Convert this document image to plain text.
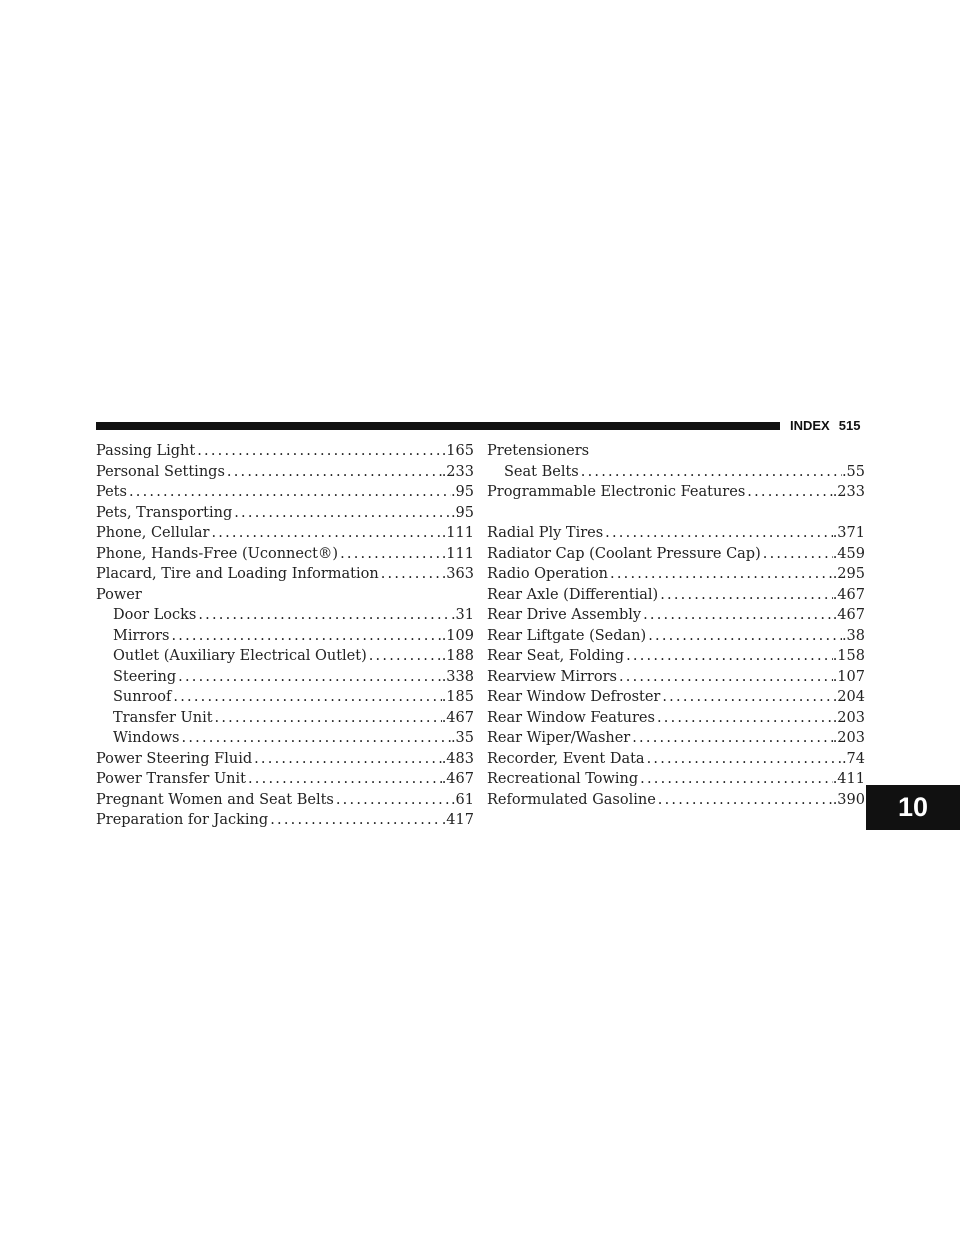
INDEX 515
Passing Light . . .	.165
Personal Settings . . .	.233
Pets . . .	.95
Pets, Transporting . . .	.95
Phone, Cellular . . .	.111
Phone, Hands-Free (Uconnect®) . . .	.111
Placard, Tire and Loading Information . . .	.363
Power
Door Locks . . .	.31
Mirrors . . .	.109
Outlet (Auxiliary Electrical Outlet) . . .	.188
Steering . . .	.338
Sunroof . . .	.185
Transfer Unit . . .	.467
Windows . . .	.35
Power Steering Fluid . . .	.483
Power Transfer Unit . . .	.467
Pregnant Women and Seat Belts . . .	.61
Preparation for Jacking . . .	.417
Pretensioners
Seat Belts . . .	.55
Programmable Electronic Features . . .	.233
Radial Ply Tires . . .	.371
Radiator Cap (Coolant Pressure Cap) . . .	.459
Radio Operation . . .	.295
Rear Axle (Differential) . . .	.467
Rear Drive Assembly . . .	.467
Rear Liftgate (Sedan) . . .	.38
Rear Seat, Folding . . .	.158
Rearview Mirrors . . .	.107
Rear Window Defroster . . .	.204
Rear Window Features . . .	.203
Rear Wiper/Washer . . .	.203
Recorder, Event Data . . .	.74
Recreational Towing . . .	.411
Reformulated Gasoline . . .	.390	10
